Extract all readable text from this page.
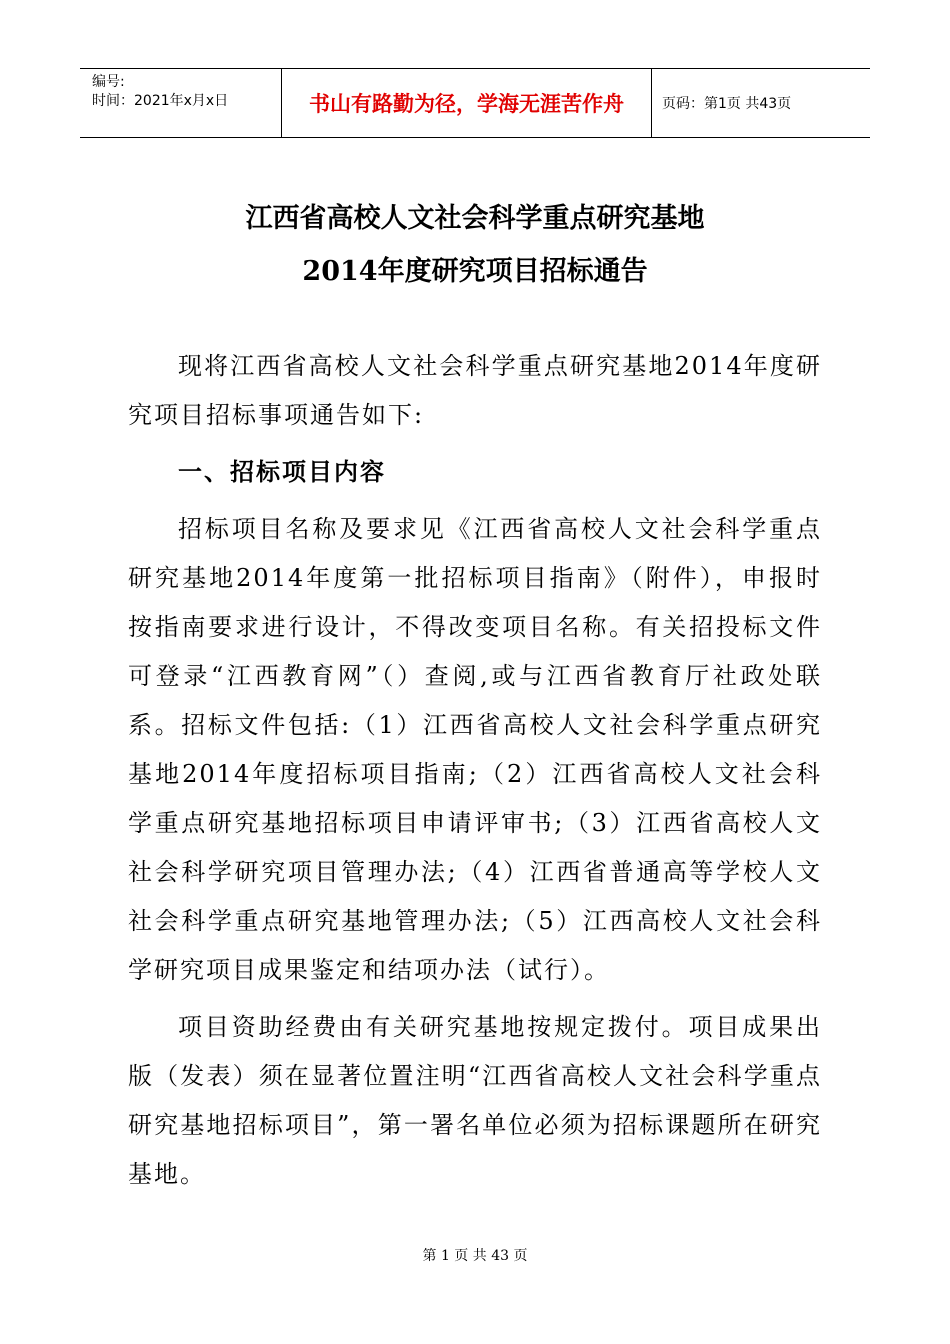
编号:
时间：2021年x月x日	书山有路勤为径，学海无涯苦作舟	页码：第1页 共43页
江西省高校人文社会科学重点研究基地
2014年度研究项目招标通告

现将江西省高校人文社会科学重点研究基地2014年度研究项目招标事项通告如下:

一、招标项目内容

招标项目名称及要求见《江西省高校人文社会科学重点研究基地2014年度第一批招标项目指南》（附件），申报时按指南要求进行设计，不得改变项目名称。有关招投标文件可登录“江西教育网”（）查阅,或与江西省教育厅社政处联系。招标文件包括:（1）江西省高校人文社会科学重点研究基地2014年度招标项目指南;（2）江西省高校人文社会科学重点研究基地招标项目申请评审书;（3）江西省高校人文社会科学研究项目管理办法;（4）江西省普通高等学校人文社会科学重点研究基地管理办法;（5）江西高校人文社会科学研究项目成果鉴定和结项办法（试行）。

项目资助经费由有关研究基地按规定拨付。项目成果出版（发表）须在显著位置注明“江西省高校人文社会科学重点研究基地招标项目”，第一署名单位必须为招标课题所在研究基地。

第 1 页 共 43 页
